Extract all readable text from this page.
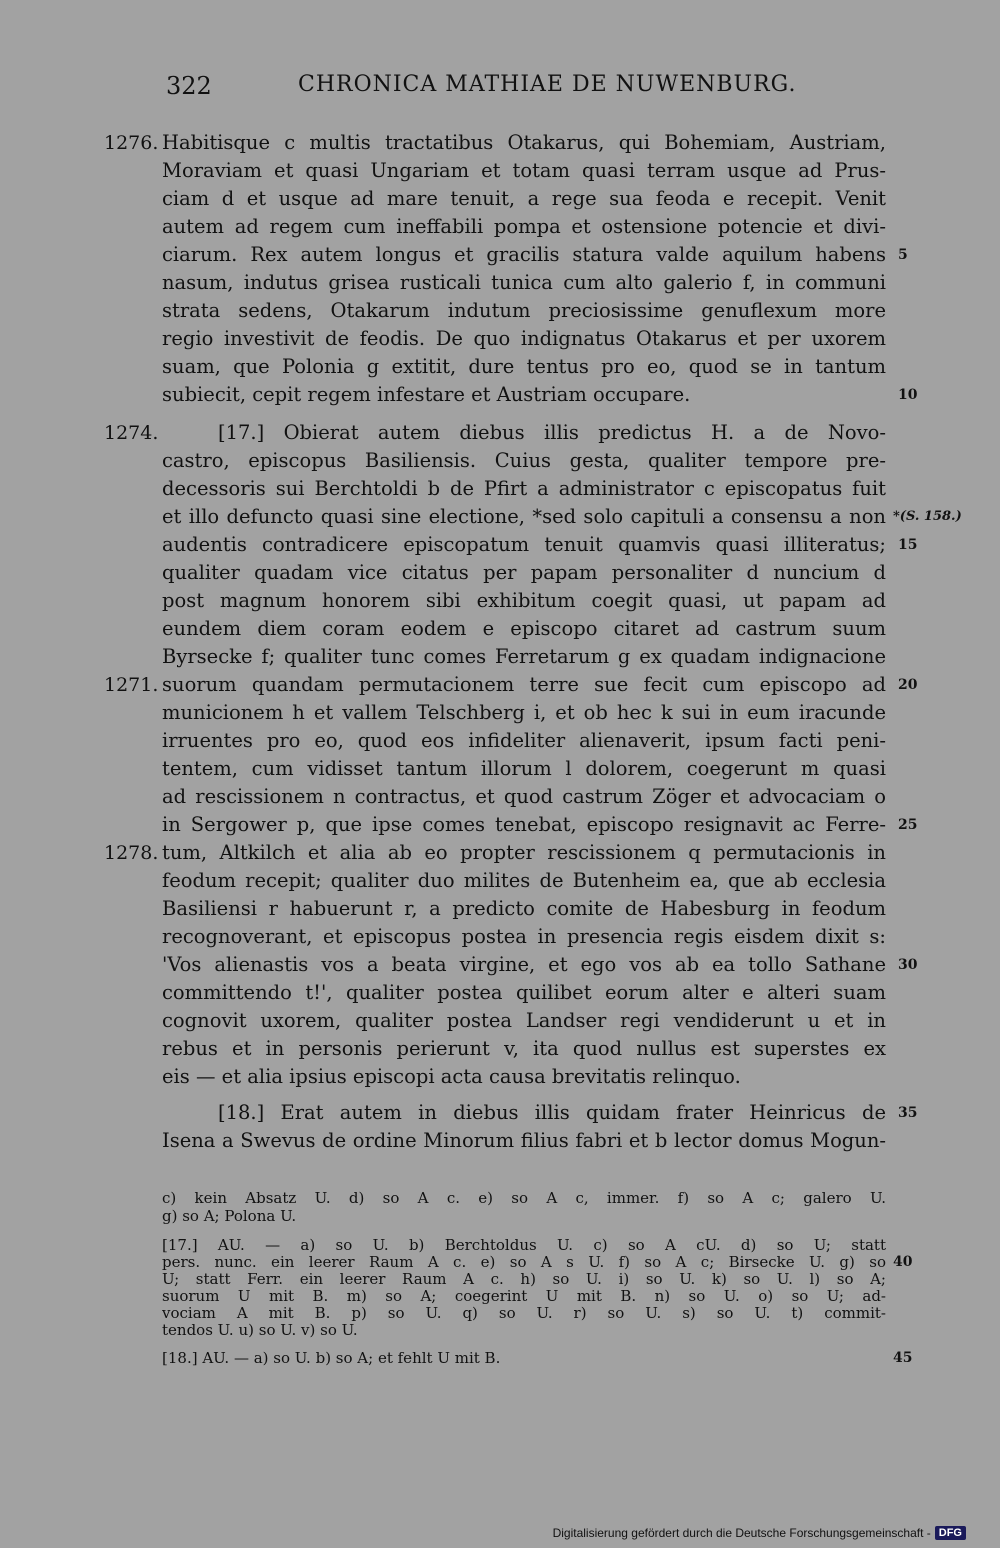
322	CHRONICA MATHIAE DE NUWENBURG.
Habitisque c multis tractatibus Otakarus, qui Bohemiam, Austriam,
Moraviam et quasi Ungariam et totam quasi terram usque ad Prus-
ciam d et usque ad mare tenuit, a rege sua feoda e recepit. Venit
autem ad regem cum ineffabili pompa et ostensione potencie et divi-
ciarum. Rex autem longus et gracilis statura valde aquilum habens
nasum, indutus grisea rusticali tunica cum alto galerio f, in communi
strata sedens, Otakarum indutum preciosissime genuflexum more
regio investivit de feodis. De quo indignatus Otakarus et per uxorem
suam, que Polonia g extitit, dure tentus pro eo, quod se in tantum
subiecit, cepit regem infestare et Austriam occupare.
[17.] Obierat autem diebus illis predictus H. a de Novo-
castro, episcopus Basiliensis. Cuius gesta, qualiter tempore pre-
decessoris sui Berchtoldi b de Pfirt a administrator c episcopatus fuit
et illo defuncto quasi sine electione, *sed solo capituli a consensu a non
audentis contradicere episcopatum tenuit quamvis quasi illiteratus;
qualiter quadam vice citatus per papam personaliter d nuncium d
post magnum honorem sibi exhibitum coegit quasi, ut papam ad
eundem diem coram eodem e episcopo citaret ad castrum suum
Byrsecke f; qualiter tunc comes Ferretarum g ex quadam indignacione
suorum quandam permutacionem terre sue fecit cum episcopo ad
municionem h et vallem Telschberg i, et ob hec k sui in eum iracunde
irruentes pro eo, quod eos infideliter alienaverit, ipsum facti peni-
tentem, cum vidisset tantum illorum l dolorem, coegerunt m quasi
ad rescissionem n contractus, et quod castrum Zöger et advocaciam o
in Sergower p, que ipse comes tenebat, episcopo resignavit ac Ferre-
tum, Altkilch et alia ab eo propter rescissionem q permutacionis in
feodum recepit; qualiter duo milites de Butenheim ea, que ab ecclesia
Basiliensi r habuerunt r, a predicto comite de Habesburg in feodum
recognoverant, et episcopus postea in presencia regis eisdem dixit s:
'Vos alienastis vos a beata virgine, et ego vos ab ea tollo Sathane
committendo t!', qualiter postea quilibet eorum alter e alteri suam
cognovit uxorem, qualiter postea Landser regi vendiderunt u et in
rebus et in personis perierunt v, ita quod nullus est superstes ex
eis — et alia ipsius episcopi acta causa brevitatis relinquo.
[18.] Erat autem in diebus illis quidam frater Heinricus de
Isena a Swevus de ordine Minorum filius fabri et b lector domus Mogun-
1276.
1274.
1271.
1278.
5
10
15
20
25
30
35
*(S. 158.)
c) kein Absatz U. d) so A c. e) so A c, immer. f) so A c; galero U.
g) so A; Polona U.
[17.] AU. — a) so U. b) Berchtoldus U. c) so A cU. d) so U; statt
pers. nunc. ein leerer Raum A c. e) so A s U. f) so A c; Birsecke U. g) so
U; statt Ferr. ein leerer Raum A c. h) so U. i) so U. k) so U. l) so A;
suorum U mit B. m) so A; coegerint U mit B. n) so U. o) so U; ad-
vociam A mit B. p) so U. q) so U. r) so U. s) so U. t) commit-
tendos U. u) so U. v) so U.
[18.] AU. — a) so U. b) so A; et fehlt U mit B.
40
45
Digitalisierung gefördert durch die Deutsche Forschungsgemeinschaft - DFG
